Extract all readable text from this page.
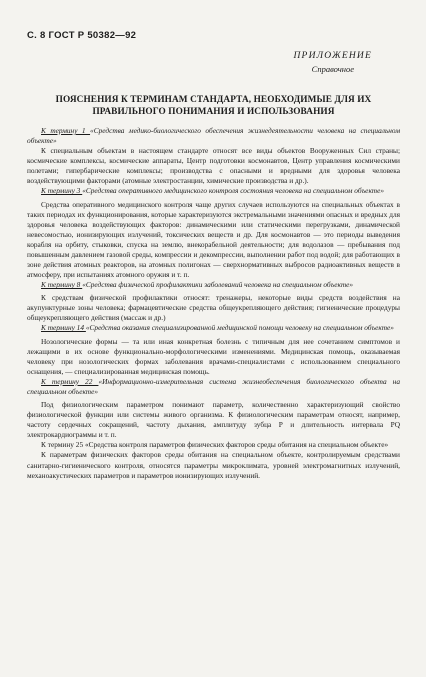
С. 8 ГОСТ Р 50382—92
ПРИЛОЖЕНИЕ
Справочное
ПОЯСНЕНИЯ К ТЕРМИНАМ СТАНДАРТА, НЕОБХОДИМЫЕ ДЛЯ ИХ ПРАВИЛЬНОГО ПОНИМАНИЯ И ИСПОЛЬЗОВАНИЯ

К термину 1 «Средства медико-биологического обеспечения жизнедеятельности человека на специальном объекте»

К специальным объектам в настоящем стандарте относят все виды объектов Вооруженных Сил страны; космические комплексы, космические аппараты, Центр подготовки космонавтов, Центр управления космическими полетами; гипербарические комплексы; производства с опасными и вредными для здоровья человека воздействующими факторами (атомные электростанции, химические производства и др.).

К термину 3 «Средства оперативного медицинского контроля состояния человека на специальном объекте»

Средства оперативного медицинского контроля чаще других случаев используются на специальных объектах в таких периодах их функционирования, которые характеризуются экстремальными значениями опасных и вредных для здоровья человека воздействующих факторов: динамическими или статическими перегрузками, динамической невесомостью, ионизирующих излучений, токсических веществ и др. Для космонавтов — это периоды выведения корабля на орбиту, стыковки, спуска на землю, внекорабельной деятельности; для водолазов — пребывания под повышенным давлением газовой среды, компрессии и декомпрессии, выполнении работ под водой; для работающих в зоне действия атомных реакторов, на атомных полигонах — сверхнормативных выбросов радиоактивных веществ в атмосферу, при испытаниях атомного оружия и т. п.

К термину 8 «Средства физической профилактики заболеваний человека на специальном объекте»

К средствам физической профилактики относят: тренажеры, некоторые виды средств воздействия на акупунктурные зоны человека; фармацевтические средства общеукрепляющего действия; гигиенические процедуры общеукрепляющего действия (массаж и др.)

К термину 14 «Средства оказания специализированной медицинской помощи человеку на специальном объекте»

Нозологические формы — та или иная конкретная болезнь с типичным для нее сочетанием симптомов и лежащими в их основе функционально-морфологическими изменениями. Медицинская помощь, оказываемая человеку при нозологических формах заболевания врачами-специалистами с использованием специального оснащения, — специализированная медицинская помощь.

К термину 22 «Информационно-измерительная система жизнеобеспечения биологического объекта на специальном объекте»

Под физиологическим параметром понимают параметр, количественно характеризующий свойство физиологической функции или системы живого организма. К физиологическим параметрам относят, например, частоту сердечных сокращений, частоту дыхания, амплитуду зубца Р и длительность интервала PQ электрокардиограммы и т. п.

К термину 25 «Средства контроля параметров физических факторов среды обитания на специальном объекте»

К параметрам физических факторов среды обитания на специальном объекте, контролируемым средствами санитарно-гигиенического контроля, относятся параметры микроклимата, уровней электромагнитных излучений, механоакустических параметров и параметров ионизирующих излучений.
